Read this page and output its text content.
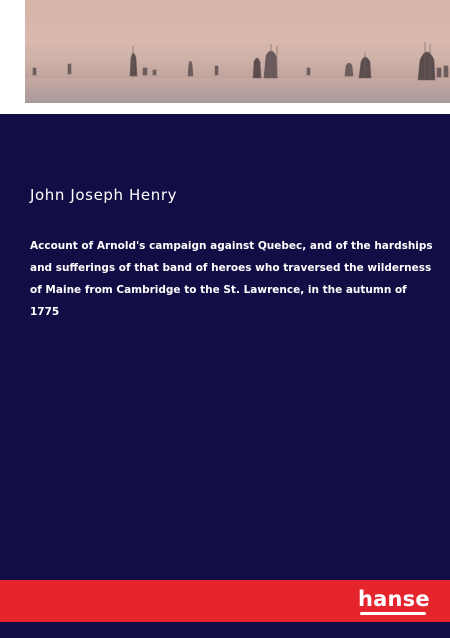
John Joseph Henry
Account of Arnold's campaign against Quebec, and of the hardships and sufferings of that band of heroes who traversed the wilderness of Maine from Cambridge to the St. Lawrence, in the autumn of 1775
hanse
